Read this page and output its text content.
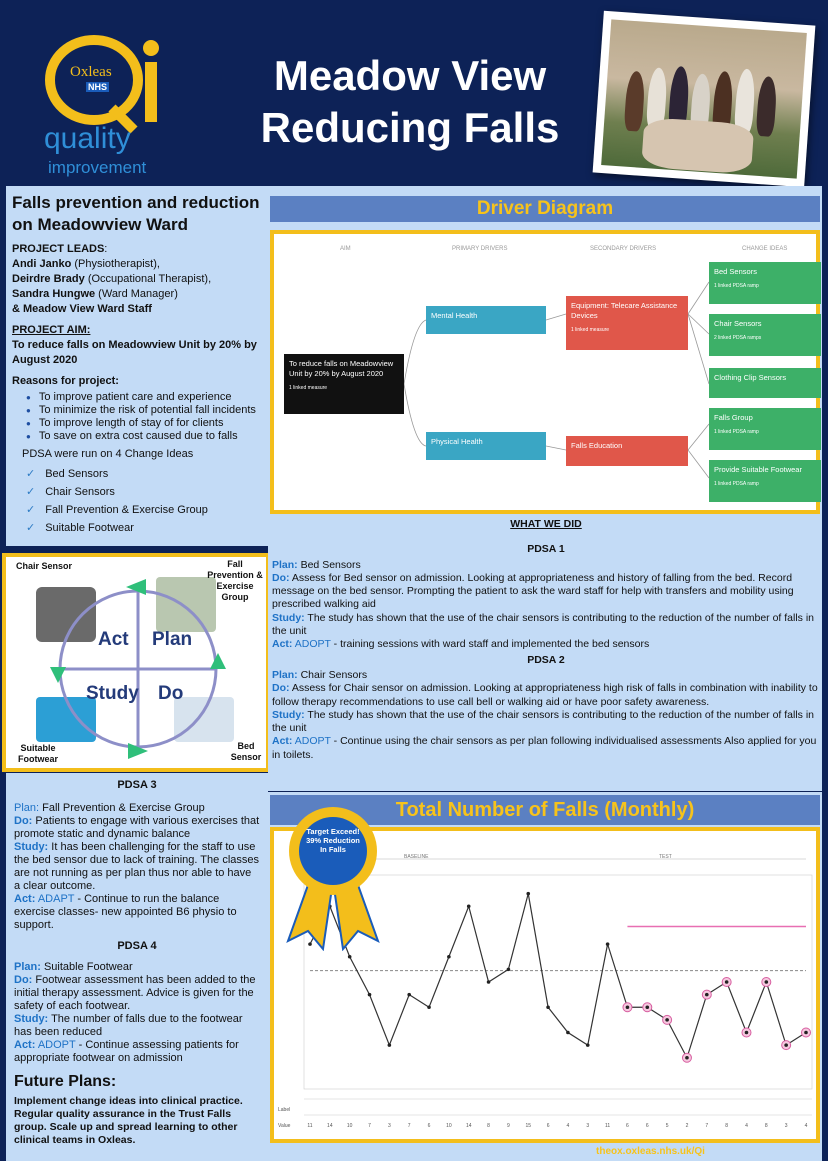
Oxleas
NHS
quality
improvement
Meadow View
Reducing Falls
Falls prevention and reduction on Meadowview Ward

PROJECT LEADS:

Andi Janko (Physiotherapist),

Deirdre Brady (Occupational Therapist),

Sandra Hungwe (Ward Manager)

& Meadow View Ward Staff

PROJECT AIM:

To reduce falls on Meadowview Unit by 20% by August 2020

Reasons for project:

● To improve patient care and experience
● To minimize the risk of potential fall incidents
● To improve length of stay of for clients
● To save on extra cost caused due to falls

PDSA were run on 4 Change Ideas

✓ Bed Sensors
✓ Chair Sensors
✓ Fall Prevention & Exercise Group
✓ Suitable Footwear
Chair Sensor	Fall Prevention & Exercise Group
Suitable Footwear
Bed Sensor
Act Plan
Study Do

PDSA 3

Plan: Fall Prevention & Exercise Group

Do: Patients to engage with various exercises that promote static and dynamic balance

Study: It has been challenging for the staff to use the bed sensor due to lack of training. The classes are not running as per plan thus nor able to have a clear outcome.

Act: ADAPT - Continue to run the balance exercise classes- new appointed B6 physio to support.

PDSA 4

Plan: Suitable Footwear

Do: Footwear assessment has been added to the initial therapy assessment. Advice is given for the safety of each footwear.

Study: The number of falls due to the footwear has been reduced

Act: ADOPT - Continue assessing patients for appropriate footwear on admission

Future Plans:

Implement change ideas into clinical practice. Regular quality assurance in the Trust Falls group. Scale up and spread learning to other clinical teams in Oxleas.

Driver Diagram
AIM	PRIMARY DRIVERS	SECONDARY DRIVERS	CHANGE IDEAS
To reduce falls on Meadowview Unit by 20% by August 2020
1 linked measure
Mental Health
Physical Health
Equipment: Telecare Assistance Devices
1 linked measure
Falls Education
Bed Sensors
1 linked PDSA ramp
Chair Sensors
2 linked PDSA ramps
Clothing Clip Sensors
Falls Group
1 linked PDSA ramp
Provide Suitable Footwear
1 linked PDSA ramp

WHAT WE DID

PDSA 1

Plan: Bed Sensors

Do: Assess for Bed sensor on admission. Looking at appropriateness and history of falling from the bed. Record message on the bed sensor. Prompting the patient to ask the ward staff for help with transfers and mobility using prescribed walking aid

Study: The study has shown that the use of the chair sensors is contributing to the reduction of the number of falls in the unit

Act: ADOPT - training sessions with ward staff and implemented the bed sensors

PDSA 2

Plan: Chair Sensors

Do: Assess for Chair sensor on admission. Looking at appropriateness high risk of falls in combination with inability to follow therapy recommendations to use call bell or walking aid or have poor safety awareness.

Study: The study has shown that the use of the chair sensors is contributing to the reduction of the number of falls in the unit

Act: ADOPT - Continue using the chair sensors as per plan following individualised assessments Also applied for you in toilets.

Total Number of Falls (Monthly)
BASELINE	TEST
Label
Value	11	14	10	7	3	7	6	10	14	8	9	15	6	4	3	11	6	6	5	2	7	8	4	8	3	4
Target Exceed! 39% Reduction In Falls
theox.oxleas.nhs.uk/Qi
